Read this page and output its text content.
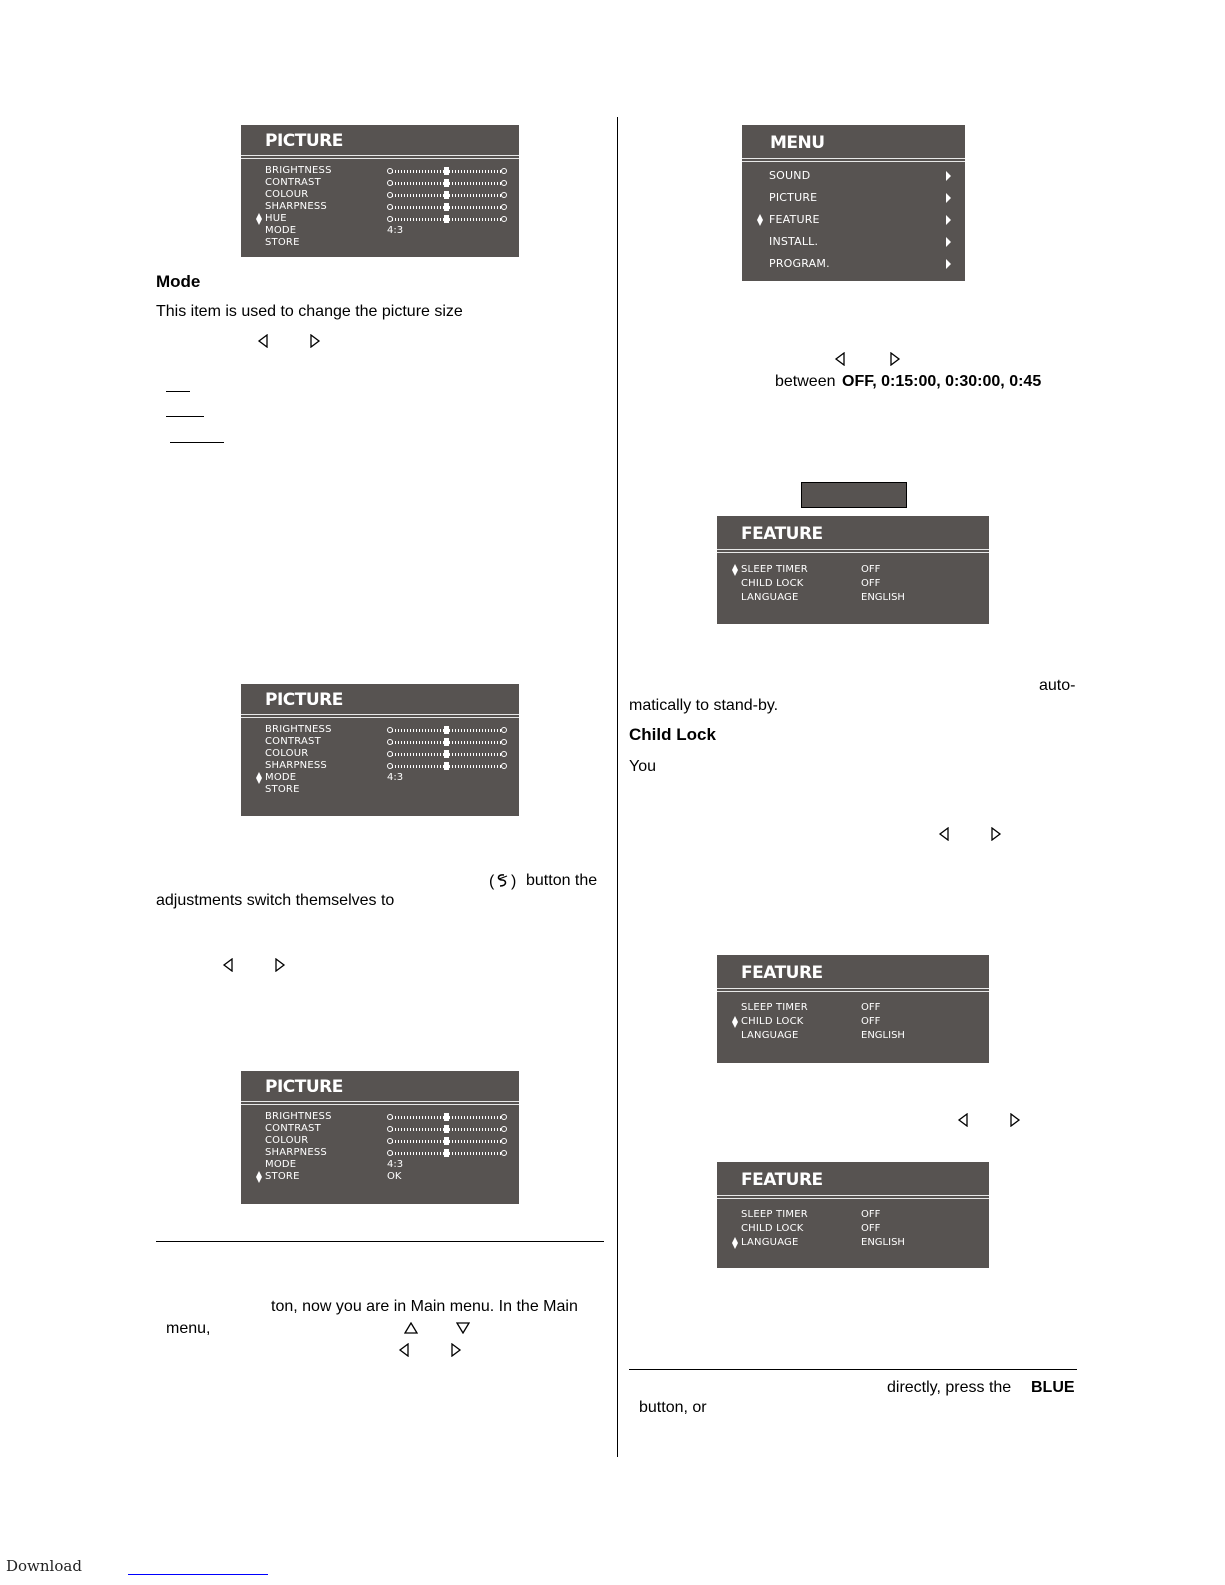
PICTURE
BRIGHTNESS
CONTRAST
COLOUR
SHARPNESS
HUE
MODE
STORE
4:3
Mode
This item is used to change the picture size
PICTURE
BRIGHTNESS
CONTRAST
COLOUR
SHARPNESS
MODE
STORE
4:3
( ) button the
adjustments switch themselves to
PICTURE
BRIGHTNESS
CONTRAST
COLOUR
SHARPNESS
MODE
STORE
4:3
OK
ton, now you are in Main menu. In the Main
menu,
MENU
SOUND
PICTURE
FEATURE
INSTALL.
PROGRAM.
between OFF, 0:15:00, 0:30:00, 0:45
FEATURE
SLEEP TIMER
CHILD LOCK
LANGUAGE
OFF
OFF
ENGLISH
auto-
matically to stand-by.
Child Lock
You
FEATURE
SLEEP TIMER
CHILD LOCK
LANGUAGE
OFF
OFF
ENGLISH
FEATURE
SLEEP TIMER
CHILD LOCK
LANGUAGE
OFF
OFF
ENGLISH
directly, press the BLUE
button, or
Download
